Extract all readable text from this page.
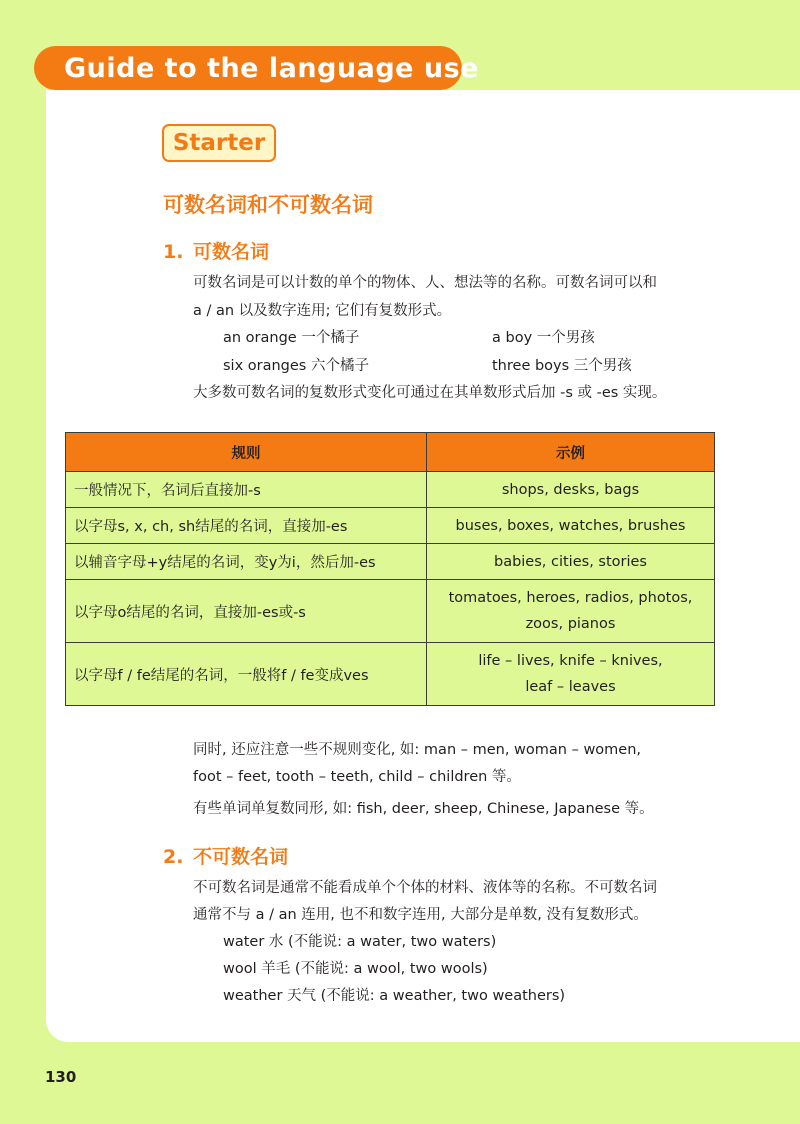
Guide to the language use
Starter
可数名词和不可数名词
1. 可数名词
可数名词是可以计数的单个的物体、人、想法等的名称。可数名词可以和
a / an 以及数字连用; 它们有复数形式。
an orange 一个橘子	a boy 一个男孩
six oranges 六个橘子	three boys 三个男孩
大多数可数名词的复数形式变化可通过在其单数形式后加 -s 或 -es 实现。
规则	示例
一般情况下，名词后直接加-s	shops, desks, bags

以字母s, x, ch, sh结尾的名词，直接加-es	buses, boxes, watches, brushes

以辅音字母+y结尾的名词，变y为i，然后加-es	babies, cities, stories

以字母o结尾的名词，直接加-es或-s	tomatoes, heroes, radios, photos,
zoos, pianos

以字母f / fe结尾的名词，一般将f / fe变成ves	life – lives, knife – knives,
leaf – leaves
同时, 还应注意一些不规则变化, 如: man – men, woman – women,
foot – feet, tooth – teeth, child – children 等。
有些单词单复数同形, 如: fish, deer, sheep, Chinese, Japanese 等。
2. 不可数名词
不可数名词是通常不能看成单个个体的材料、液体等的名称。不可数名词
通常不与 a / an 连用, 也不和数字连用, 大部分是单数, 没有复数形式。
water 水 (不能说: a water, two waters)
wool 羊毛 (不能说: a wool, two wools)
weather 天气 (不能说: a weather, two weathers)
130
